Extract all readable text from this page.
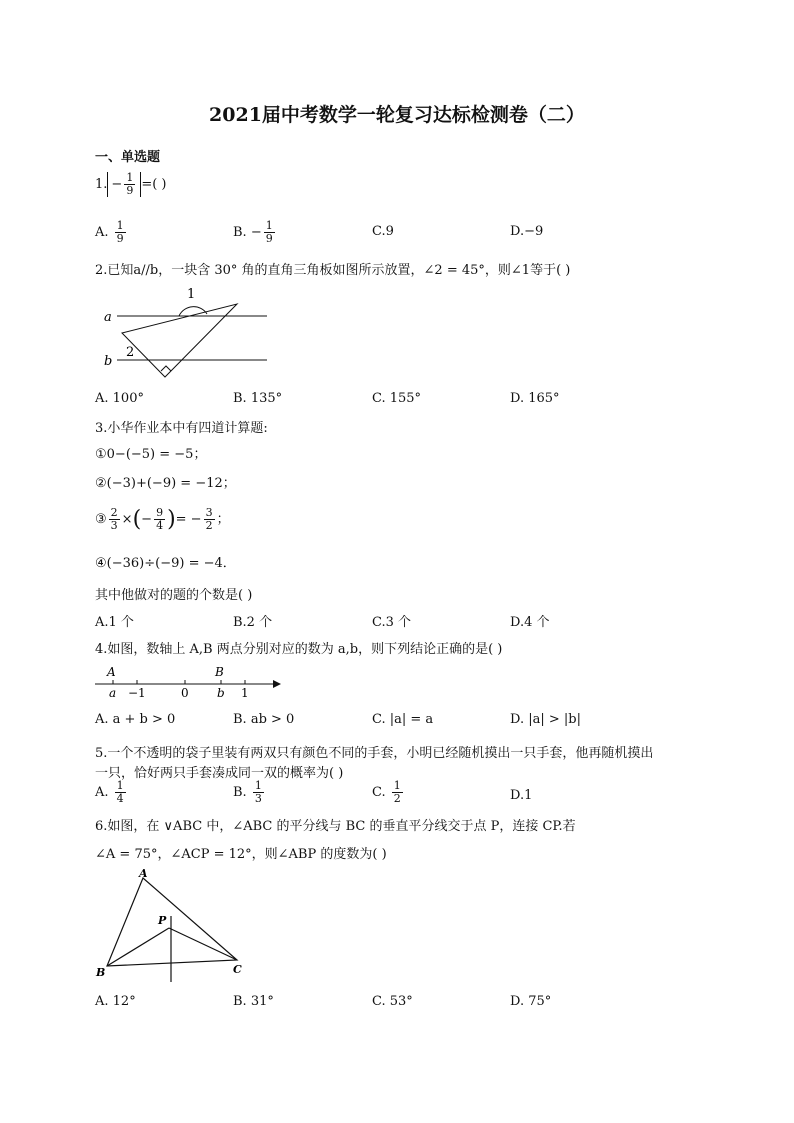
2021届中考数学一轮复习达标检测卷（二）
一、单选题
1. − $\frac{1}{9}$ =( )
A. $\frac{1}{9}$	B. − $\frac{1}{9}$	C.9	D.−9
2.已知a//b，一块含 30° 角的直角三角板如图所示放置，∠2 = 45°，则∠1等于( )
a
b
1
2
A. 100°	B. 135°	C. 155°	D. 165°
3.小华作业本中有四道计算题:
①0−(−5) = −5；
②(−3)+(−9) = −12；
③ $\frac{2}{3}$ ×(− $\frac{9}{4}$ )= − $\frac{3}{2}$ ；
④(−36)÷(−9) = −4．
其中他做对的题的个数是( )
A.1 个	B.2 个	C.3 个	D.4 个
4.如图，数轴上 A,B 两点分别对应的数为 a,b，则下列结论正确的是( )
A	B
a −1	0 b 1
A. a + b > 0	B. ab > 0	C. |a| = a	D. |a| > |b|
5.一个不透明的袋子里装有两双只有颜色不同的手套，小明已经随机摸出一只手套，他再随机摸出
一只，恰好两只手套凑成同一双的概率为( )
A. $\frac{1}{4}$	B. $\frac{1}{3}$	C. $\frac{1}{2}$	D.1
6.如图，在 ∨ABC 中，∠ABC 的平分线与 BC 的垂直平分线交于点 P，连接 CP.若
∠A = 75°，∠ACP = 12°，则∠ABP 的度数为( )
A
B	C
P
A. 12°	B. 31°	C. 53°	D. 75°
